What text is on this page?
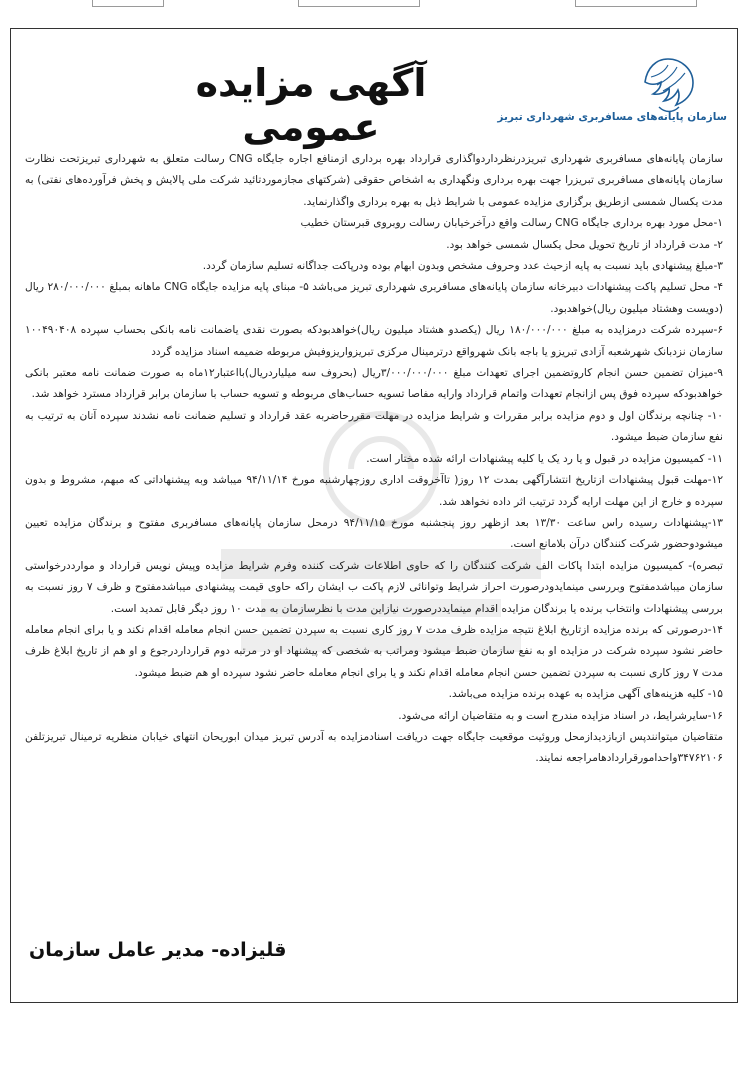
آگهی مزایده عمومی	سازمان پایانه‌های مسافربری شهرداری تبریز

سازمان پایانه‌های مسافربری شهرداری تبریزدرنظرداردواگذاری قرارداد بهره برداری ازمنافع اجاره جایگاه CNG رسالت متعلق به شهرداری تبریزتحت نظارت سازمان پایانه‌های مسافربری تبریزرا جهت بهره برداری ونگهداری به اشخاص حقوقی (شرکتهای مجازموردتائید شرکت ملی پالایش و پخش فرآورده‌های نفتی) به مدت یکسال شمسی ازطریق برگزاری مزایده عمومی با شرایط ذیل به بهره برداری واگذارنماید.

۱-محل مورد بهره برداری جایگاه CNG رسالت واقع درآخرخیابان رسالت روبروی قبرستان خطیب

۲- مدت قرارداد از تاریخ تحویل محل یکسال شمسی خواهد بود.

۳-مبلغ پیشنهادی باید نسبت به پایه ازحیث عدد وحروف مشخص وبدون ابهام بوده ودرپاکت جداگانه تسلیم سازمان گردد.

۴- محل تسلیم پاکت پیشنهادات دبیرخانه سازمان پایانه‌های مسافربری شهرداری تبریز می‌باشد ۵- مبنای پایه مزایده جایگاه CNG ماهانه بمبلغ ۲۸۰/۰۰۰/۰۰۰ ریال (دویست وهشتاد میلیون ریال)خواهدبود.

۶-سپرده شرکت درمزایده به مبلغ ۱۸۰/۰۰۰/۰۰۰ ریال (یکصدو هشتاد میلیون ریال)خواهدبودکه بصورت نقدی یاضمانت نامه بانکی بحساب سپرده ۱۰۰۴۹۰۴۰۸ سازمان نزدبانک شهرشعبه آزادی تبریزو یا باجه بانک شهرواقع درترمینال مرکزی تبریزواریزوفیش مربوطه ضمیمه اسناد مزایده گردد

۹-میزان تضمین حسن انجام کاروتضمین اجرای تعهدات مبلغ ۳/۰۰۰/۰۰۰/۰۰۰ریال (بحروف سه میلیاردریال)بااعتبار۱۲ماه به صورت ضمانت نامه معتبر بانکی خواهدبودکه سپرده فوق پس ازانجام تعهدات واتمام قرارداد وارایه مفاصا تسویه حساب‌های مربوطه و تسویه حساب با سازمان برابر قرارداد مسترد خواهد شد.

۱۰- چنانچه برندگان اول و دوم مزایده برابر مقررات و شرایط مزایده در مهلت مقررحاضربه عقد قرارداد و تسلیم ضمانت نامه نشدند سپرده آنان به ترتیب به نفع سازمان ضبط میشود.

۱۱- کمیسیون مزایده در قبول و یا رد یک یا کلیه پیشنهادات ارائه شده مختار است.

۱۲-مهلت قبول پیشنهادات ازتاریخ انتشارآگهی بمدت ۱۲ روز( تاآخروقت اداری روزچهارشنبه مورخ ۹۴/۱۱/۱۴ میباشد وبه پیشنهاداتی که مبهم، مشروط و بدون سپرده و خارج از این مهلت ارایه گردد ترتیب اثر داده نخواهد شد.

۱۳-پیشنهادات رسیده راس ساعت ۱۳/۳۰ بعد ازظهر روز پنجشنبه مورخ ۹۴/۱۱/۱۵ درمحل سازمان پایانه‌های مسافربری مفتوح و برندگان مزایده تعیین میشودوحضور شرکت کنندگان درآن بلامانع است.

تبصره)- کمیسیون مزایده ابتدا پاکات الف شرکت کنندگان را که حاوی اطلاعات شرکت کننده وفرم شرایط مزایده وپیش نویس قرارداد و موارددرخواستی سازمان میباشدمفتوح وبررسی مینمایدودرصورت احراز شرایط وتوانائی لازم پاکت ب ایشان راکه حاوی قیمت پیشنهادی میباشدمفتوح و ظرف ۷ روز نسبت به بررسی پیشنهادات وانتخاب برنده یا برندگان مزایده اقدام مینمایددرصورت نیازاین مدت با نظرسازمان به مدت ۱۰ روز دیگر قابل تمدید است.

۱۴-درصورتی که برنده مزایده ازتاریخ ابلاغ نتیجه مزایده ظرف مدت ۷ روز کاری نسبت به سپردن تضمین حسن انجام معامله اقدام نکند و یا برای انجام معامله حاضر نشود سپرده شرکت در مزایده او به نفع سازمان ضبط میشود ومراتب به شخصی که پیشنهاد او در مرتبه دوم قرارداردرجوع و او هم از تاریخ ابلاغ ظرف مدت ۷ روز کاری نسبت به سپردن تضمین حسن انجام معامله اقدام نکند و یا برای انجام معامله حاضر نشود سپرده او هم ضبط میشود.

۱۵- کلیه هزینه‌های آگهی مزایده به عهده برنده مزایده می‌باشد.

۱۶-سایرشرایط، در اسناد مزایده مندرج است و به متقاضیان ارائه می‌شود.

متقاضیان میتوانندپس ازبازدیدازمحل وروئیت موقعیت جایگاه جهت دریافت اسنادمزایده به آدرس تبریز میدان ابوریحان انتهای خیابان منظریه ترمینال تبریزتلفن ۳۴۷۶۲۱۰۶واحدامورقراردادهامراجعه نمایند.

قلیزاده- مدیر عامل سازمان
